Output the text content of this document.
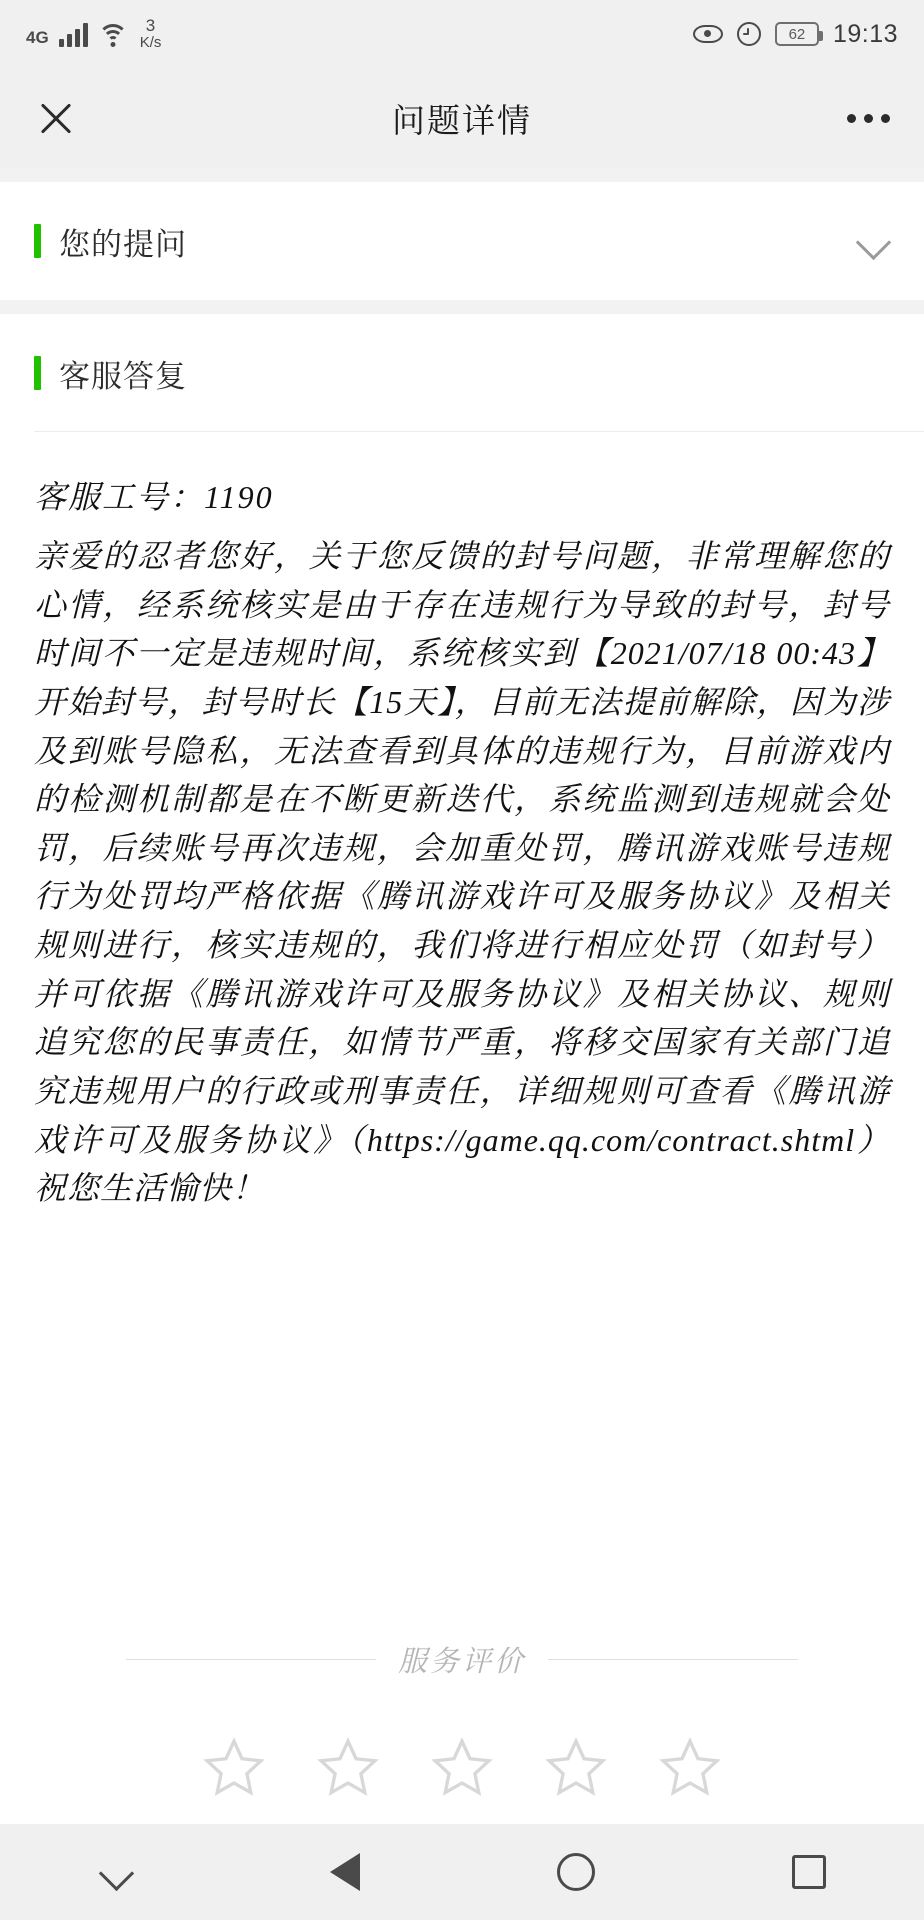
4G
3
K/s
62 19:13
问题详情
您的提问
客服答复
客服工号：1190
亲爱的忍者您好，关于您反馈的封号问题，非常理解您的心情，经系统核实是由于存在违规行为导致的封号，封号时间不一定是违规时间，系统核实到【2021/07/18 00:43】开始封号，封号时长【15天】，目前无法提前解除，因为涉及到账号隐私，无法查看到具体的违规行为，目前游戏内的检测机制都是在不断更新迭代，系统监测到违规就会处罚，后续账号再次违规，会加重处罚，腾讯游戏账号违规行为处罚均严格依据《腾讯游戏许可及服务协议》及相关规则进行，核实违规的，我们将进行相应处罚（如封号）并可依据《腾讯游戏许可及服务协议》及相关协议、规则追究您的民事责任，如情节严重，将移交国家有关部门追究违规用户的行政或刑事责任，详细规则可查看《腾讯游戏许可及服务协议》（https://game.qq.com/contract.shtml）祝您生活愉快！
服务评价
